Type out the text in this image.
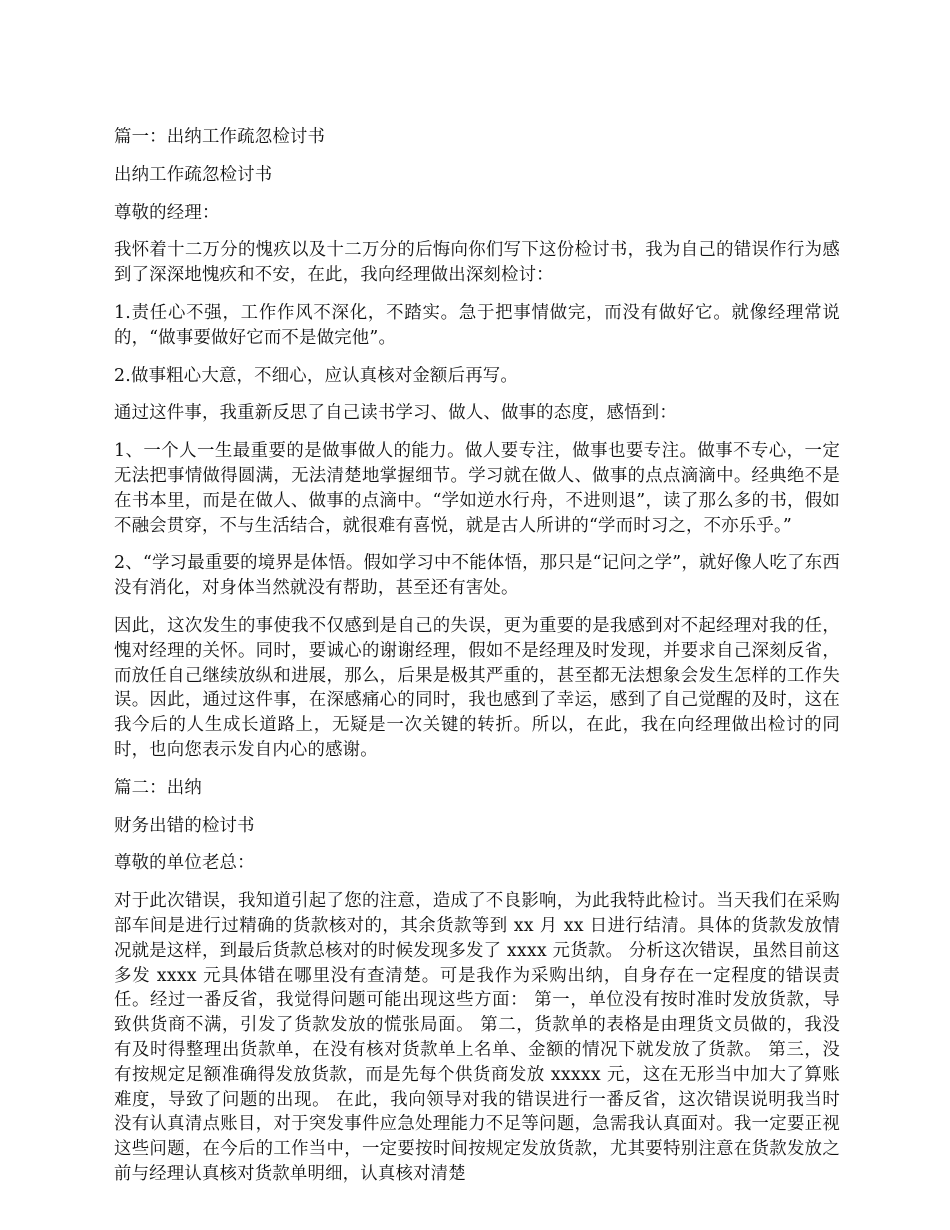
篇一：出纳工作疏忽检讨书

出纳工作疏忽检讨书

尊敬的经理：

我怀着十二万分的愧疚以及十二万分的后悔向你们写下这份检讨书，我为自己的错误作行为感到了深深地愧疚和不安，在此，我向经理做出深刻检讨：

1.责任心不强，工作作风不深化，不踏实。急于把事情做完，而没有做好它。就像经理常说的，“做事要做好它而不是做完他”。

2.做事粗心大意，不细心，应认真核对金额后再写。

通过这件事，我重新反思了自己读书学习、做人、做事的态度，感悟到：

1、一个人一生最重要的是做事做人的能力。做人要专注，做事也要专注。做事不专心，一定无法把事情做得圆满，无法清楚地掌握细节。学习就在做人、做事的点点滴滴中。经典绝不是在书本里，而是在做人、做事的点滴中。“学如逆水行舟，不进则退”，读了那么多的书，假如不融会贯穿，不与生活结合，就很难有喜悦，就是古人所讲的“学而时习之，不亦乐乎。”

2、“学习最重要的境界是体悟。假如学习中不能体悟，那只是“记问之学”，就好像人吃了东西没有消化，对身体当然就没有帮助，甚至还有害处。

因此，这次发生的事使我不仅感到是自己的失误，更为重要的是我感到对不起经理对我的任，愧对经理的关怀。同时，要诚心的谢谢经理，假如不是经理及时发现，并要求自己深刻反省，而放任自己继续放纵和进展，那么，后果是极其严重的，甚至都无法想象会发生怎样的工作失误。因此，通过这件事，在深感痛心的同时，我也感到了幸运，感到了自己觉醒的及时，这在我今后的人生成长道路上，无疑是一次关键的转折。所以，在此，我在向经理做出检讨的同时，也向您表示发自内心的感谢。

篇二：出纳

财务出错的检讨书

尊敬的单位老总：

对于此次错误，我知道引起了您的注意，造成了不良影响，为此我特此检讨。当天我们在采购部车间是进行过精确的货款核对的，其余货款等到 xx 月 xx 日进行结清。具体的货款发放情况就是这样，到最后货款总核对的时候发现多发了 xxxx 元货款。 分析这次错误，虽然目前这多发 xxxx 元具体错在哪里没有查清楚。可是我作为采购出纳，自身存在一定程度的错误责任。经过一番反省，我觉得问题可能出现这些方面： 第一，单位没有按时准时发放货款，导致供货商不满，引发了货款发放的慌张局面。 第二，货款单的表格是由理货文员做的，我没有及时得整理出货款单，在没有核对货款单上名单、金额的情况下就发放了货款。 第三，没有按规定足额准确得发放货款，而是先每个供货商发放 xxxxx 元，这在无形当中加大了算账难度，导致了问题的出现。 在此，我向领导对我的错误进行一番反省，这次错误说明我当时没有认真清点账目，对于突发事件应急处理能力不足等问题，急需我认真面对。我一定要正视这些问题，在今后的工作当中，一定要按时间按规定发放货款，尤其要特别注意在货款发放之前与经理认真核对货款单明细，认真核对清楚
